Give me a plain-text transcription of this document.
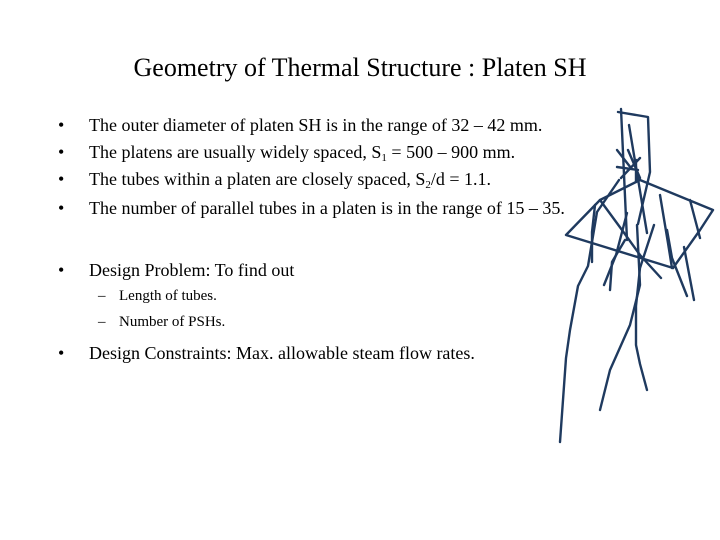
Geometry of Thermal Structure : Platen SH
• The outer diameter of platen SH is in the range of 32 – 42 mm.
• The platens are usually widely spaced, $S_1 = 500 - 900$ mm.
• The tubes within a platen are closely spaced, $S_2/d = 1.1$.
• The number of parallel tubes in a platen is in the range of 15 – 35.
• Design Problem: To find out
– Length of tubes.
– Number of PSHs.
• Design Constraints: Max. allowable steam flow rates.
